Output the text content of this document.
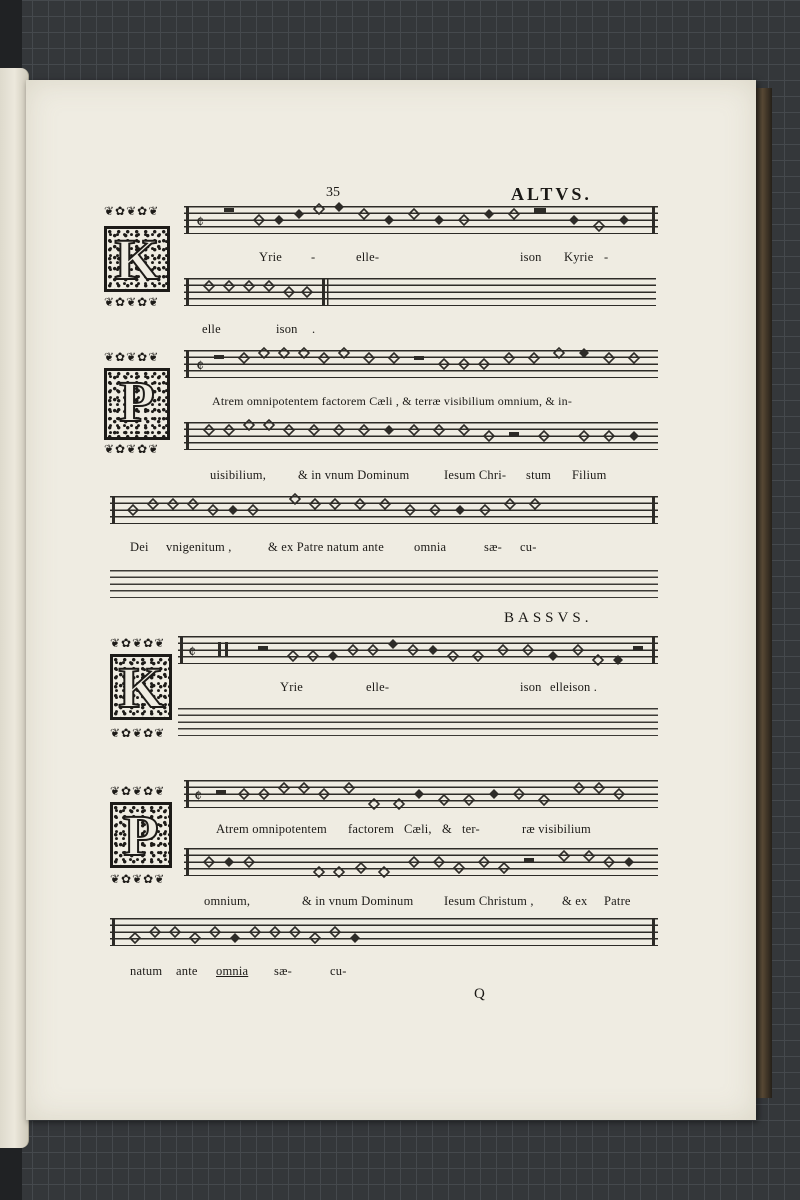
35	ALTVS.
❦✿❦✿❦
K
❦✿❦✿❦
𝄵
Yrie -	elle-	ison Kyrie -
elle	ison .
❦✿❦✿❦
P
❦✿❦✿❦
𝄵
Atrem omnipotentem factorem Cæli , & terræ visibilium omnium, & in-
uisibilium,	& in vnum Dominum	Iesum Chri- stum Filium
Dei vnigenitum ,	& ex Patre natum ante omnia	sæ- cu-
BASSVS.
❦✿❦✿❦
K
❦✿❦✿❦
𝄵
Yrie	elle-	ison elleison .
❦✿❦✿❦
P
❦✿❦✿❦
𝄵
Atrem omnipotentem factorem Cæli, & ter-	ræ visibilium
omnium,	& in vnum Dominum Iesum Christum , & ex Patre
natum ante omnia sæ-	cu-
Q
